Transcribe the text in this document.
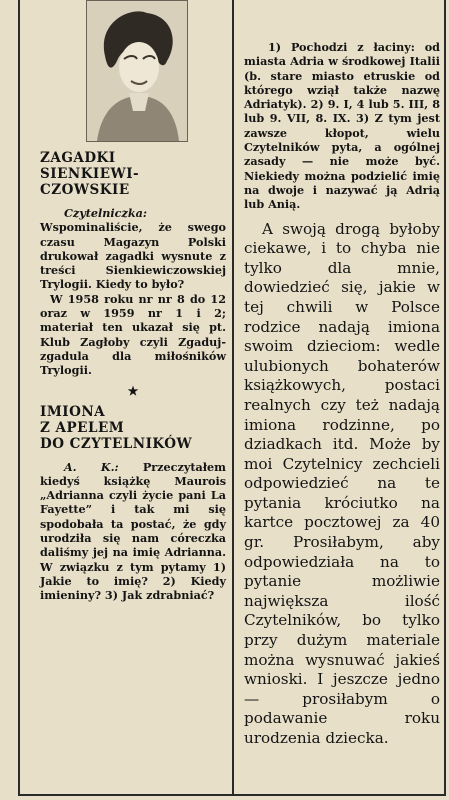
ZAGADKI
SIENKIEWI-
CZOWSKIE

Czytelniczka: Wspominaliście, że swego czasu Magazyn Polski drukował zagadki wysnute z treści Sienkiewiczowskiej Trylogii. Kiedy to było?

W 1958 roku nr nr 8 do 12 oraz w 1959 nr 1 i 2; materiał ten ukazał się pt. Klub Zagłoby czyli Zgaduj-zgadula dla miłośników Trylogii.

★
IMIONA
Z APELEM
DO CZYTELNIKÓW

A. K.: Przeczytałem kiedyś książkę Maurois „Adrianna czyli życie pani La Fayette” i tak mi się spodobała ta postać, że gdy urodziła się nam córeczka daliśmy jej na imię Adrianna. W związku z tym pytamy 1) Jakie to imię? 2) Kiedy imieniny? 3) Jak zdrabniać?

1) Pochodzi z łaciny: od miasta Adria w środkowej Italii (b. stare miasto etruskie od którego wziął także nazwę Adriatyk). 2) 9. I, 4 lub 5. III, 8 lub 9. VII, 8. IX. 3) Z tym jest zawsze kłopot, wielu Czytelników pyta, a ogólnej zasady — nie może być. Niekiedy można podzielić imię na dwoje i nazywać ją Adrią lub Anią.

A swoją drogą byłoby ciekawe, i to chyba nie tylko dla mnie, dowiedzieć się, jakie w tej chwili w Polsce rodzice nadają imiona swoim dzieciom: wedle ulubionych bohaterów książkowych, postaci realnych czy też nadają imiona rodzinne, po dziadkach itd. Może by moi Czytelnicy zechcieli odpowiedzieć na te pytania króciutko na kartce pocztowej za 40 gr. Prosiłabym, aby odpowiedziała na to pytanie możliwie największa ilość Czytelników, bo tylko przy dużym materiale można wysnuwać jakieś wnioski. I jeszcze jedno — prosiłabym o podawanie roku urodzenia dziecka.
